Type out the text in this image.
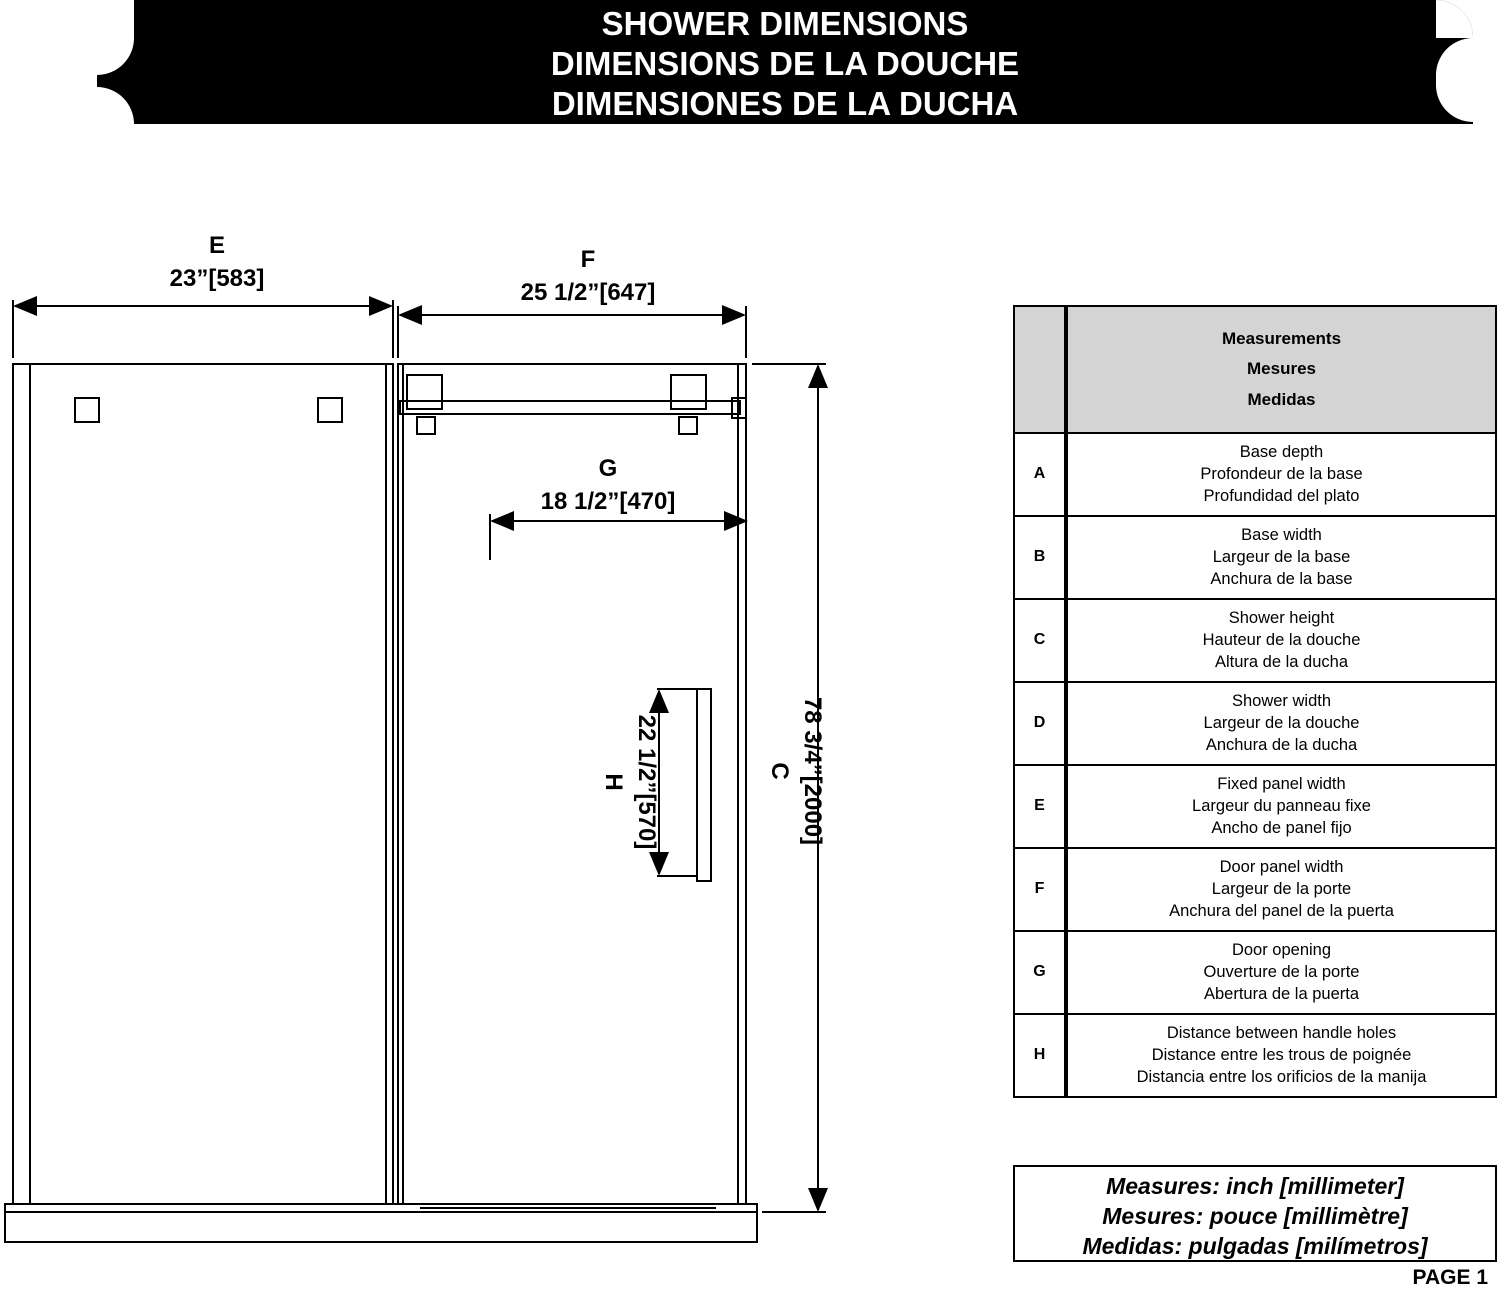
SHOWER DIMENSIONS
DIMENSIONS DE LA DOUCHE
DIMENSIONES DE LA DUCHA
E
23”[583]
F
25 1/2”[647]
G
18 1/2”[470]
H 22 1/2”[570]	C 78 3/4”[2000]

	Measurements
Mesures
Medidas

A	Base depth
Profondeur de la base
Profundidad del plato

B	Base width
Largeur de la base
Anchura de la base

C	Shower height
Hauteur de la douche
Altura de la ducha

D	Shower width
Largeur de la douche
Anchura de la ducha

E	Fixed panel width
Largeur du panneau fixe
Ancho de panel fijo

F	Door panel width
Largeur de la porte
Anchura del panel de la puerta

G	Door opening
Ouverture de la porte
Abertura de la puerta

H	Distance between handle holes
Distance entre les trous de poignée
Distancia entre los orificios de la manija
Measures: inch [millimeter]
Mesures: pouce [millimètre]
Medidas: pulgadas [milímetros]
PAGE 1
